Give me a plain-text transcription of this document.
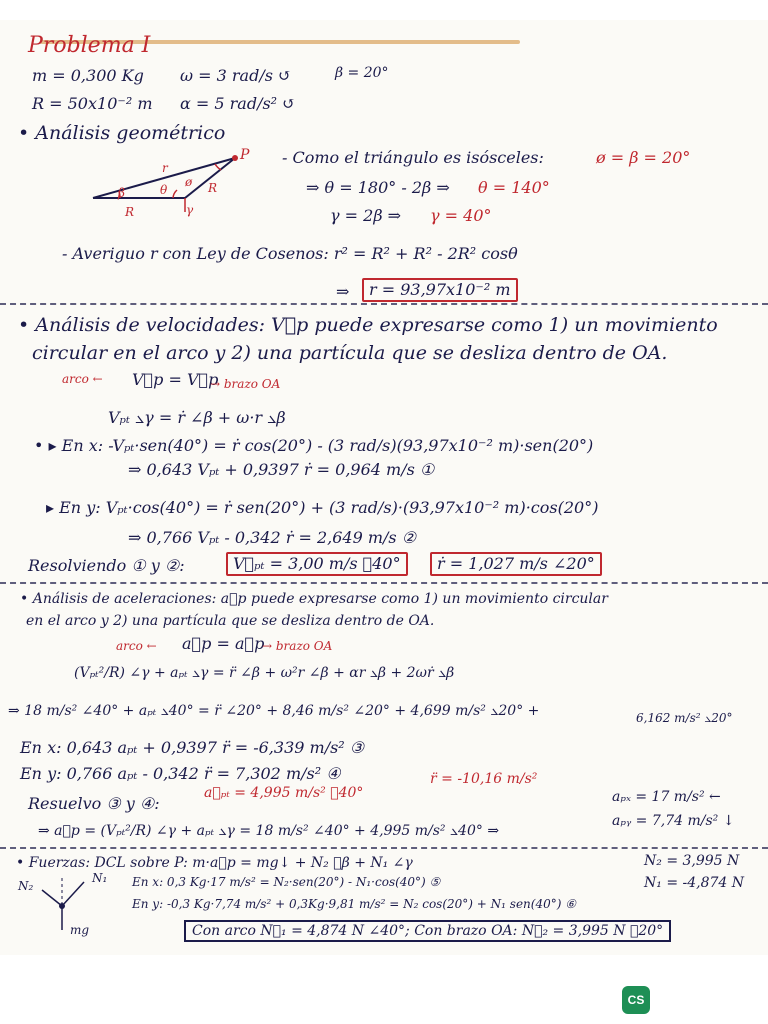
Problema I
m = 0,300 Kg ω = 3 rad/s ↺	β = 20°
R = 50x10⁻² m α = 5 rad/s² ↺
• Análisis geométrico
P
r
β	θ
ø R
R	γ
- Como el triángulo es isósceles:	ø = β = 20°
⇒ θ = 180° - 2β ⇒ θ = 140°
γ = 2β ⇒ γ = 40°
- Averiguo r con Ley de Cosenos: r² = R² + R² - 2R² cosθ
⇒	r = 93,97x10⁻² m
• Análisis de velocidades: V⃗p puede expresarse como 1) un movimiento
circular en el arco y 2) una partícula que se desliza dentro de OA.
arco ← V⃗p = V⃗p
→ brazo OA
Vₚₜ ⦣γ = ṙ ∠β + ω·r ⦣β
• ▸ En x: -Vₚₜ·sen(40°) = ṙ cos(20°) - (3 rad/s)(93,97x10⁻² m)·sen(20°)
⇒ 0,643 Vₚₜ + 0,9397 ṙ = 0,964 m/s ①
▸ En y: Vₚₜ·cos(40°) = ṙ sen(20°) + (3 rad/s)·(93,97x10⁻² m)·cos(20°)
⇒ 0,766 Vₚₜ - 0,342 ṙ = 2,649 m/s ②
Resolviendo ① y ②:	V⃗ₚₜ = 3,00 m/s ⦣40°	ṙ = 1,027 m/s ∠20°
• Análisis de aceleraciones: a⃗p puede expresarse como 1) un movimiento circular
en el arco y 2) una partícula que se desliza dentro de OA.
arco ← a⃗p = a⃗p
→ brazo OA
(Vₚₜ²/R) ∠γ + aₚₜ ⦣γ = r̈ ∠β + ω²r ∠β + αr ⦣β + 2ωṙ ⦣β
⇒ 18 m/s² ∠40° + aₚₜ ⦣40° = r̈ ∠20° + 8,46 m/s² ∠20° + 4,699 m/s² ⦣20° +	6,162 m/s² ⦣20°
En x: 0,643 aₚₜ + 0,9397 r̈ = -6,339 m/s² ③
En y: 0,766 aₚₜ - 0,342 r̈ = 7,302 m/s² ④
Resuelvo ③ y ④:
a⃗ₚₜ = 4,995 m/s² ⦣40°
r̈ = -10,16 m/s²
⇒ a⃗p = (Vₚₜ²/R) ∠γ + aₚₜ ⦣γ = 18 m/s² ∠40° + 4,995 m/s² ⦣40° ⇒
aₚₓ = 17 m/s² ←
aₚᵧ = 7,74 m/s² ↓
• Fuerzas: DCL sobre P: m·a⃗p = mg↓ + N₂ ⦣β + N₁ ∠γ
N₂
N₁
mg
En x: 0,3 Kg·17 m/s² = N₂·sen(20°) - N₁·cos(40°) ⑤
En y: -0,3 Kg·7,74 m/s² + 0,3Kg·9,81 m/s² = N₂ cos(20°) + N₁ sen(40°) ⑥
N₂ = 3,995 N
N₁ = -4,874 N
Con arco N⃗₁ = 4,874 N ∠40°; Con brazo OA: N⃗₂ = 3,995 N ⦣20°
CS
